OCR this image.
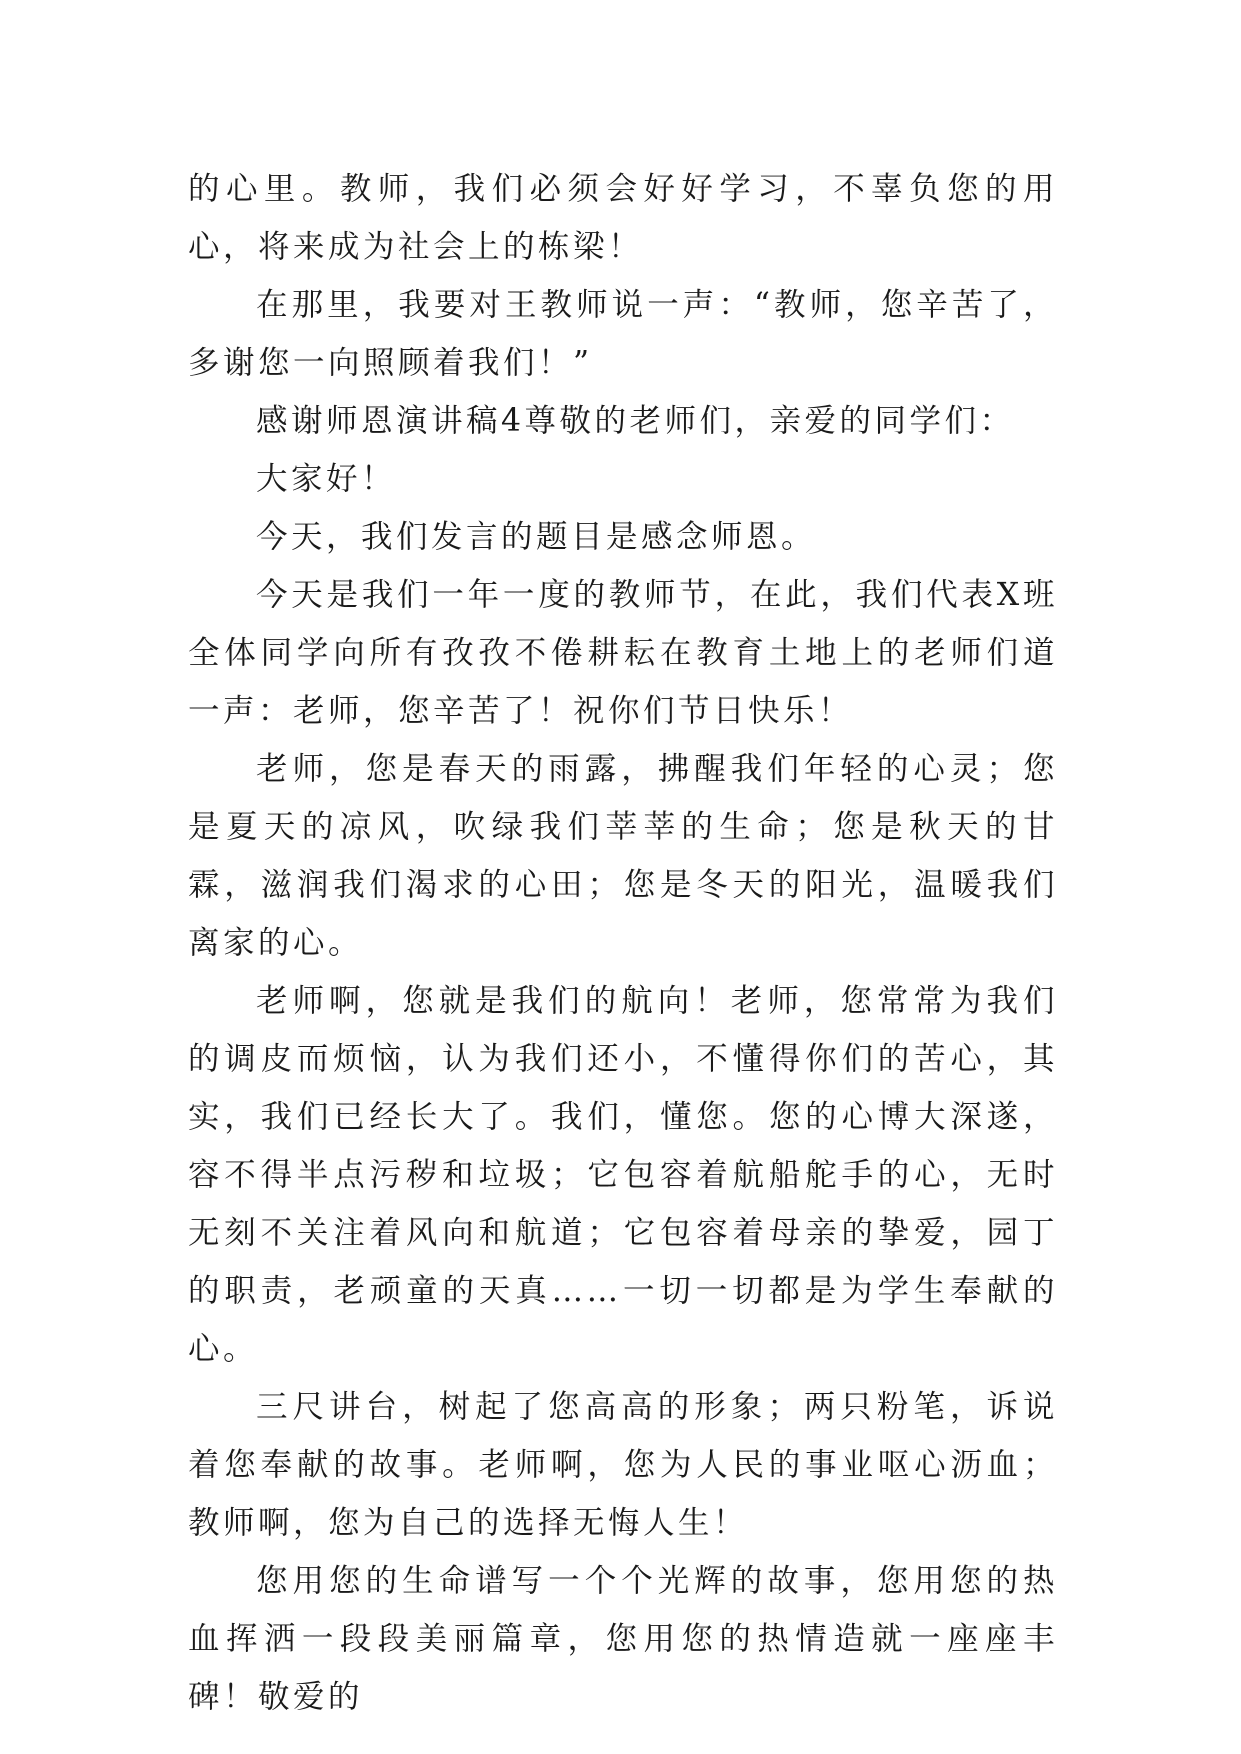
的心里。教师，我们必须会好好学习，不辜负您的用心，将来成为社会上的栋梁！

在那里，我要对王教师说一声：“教师，您辛苦了，多谢您一向照顾着我们！”

感谢师恩演讲稿4尊敬的老师们，亲爱的同学们：

大家好！

今天，我们发言的题目是感念师恩。

今天是我们一年一度的教师节，在此，我们代表X班全体同学向所有孜孜不倦耕耘在教育土地上的老师们道一声：老师，您辛苦了！祝你们节日快乐！

老师，您是春天的雨露，拂醒我们年轻的心灵；您是夏天的凉风，吹绿我们莘莘的生命；您是秋天的甘霖，滋润我们渴求的心田；您是冬天的阳光，温暖我们离家的心。

老师啊，您就是我们的航向！老师，您常常为我们的调皮而烦恼，认为我们还小，不懂得你们的苦心，其实，我们已经长大了。我们，懂您。您的心博大深遂，容不得半点污秽和垃圾；它包容着航船舵手的心，无时无刻不关注着风向和航道；它包容着母亲的挚爱，园丁的职责，老顽童的天真……一切一切都是为学生奉献的心。

三尺讲台，树起了您高高的形象；两只粉笔，诉说着您奉献的故事。老师啊，您为人民的事业呕心沥血；教师啊，您为自己的选择无悔人生！

您用您的生命谱写一个个光辉的故事，您用您的热血挥洒一段段美丽篇章，您用您的热情造就一座座丰碑！敬爱的
